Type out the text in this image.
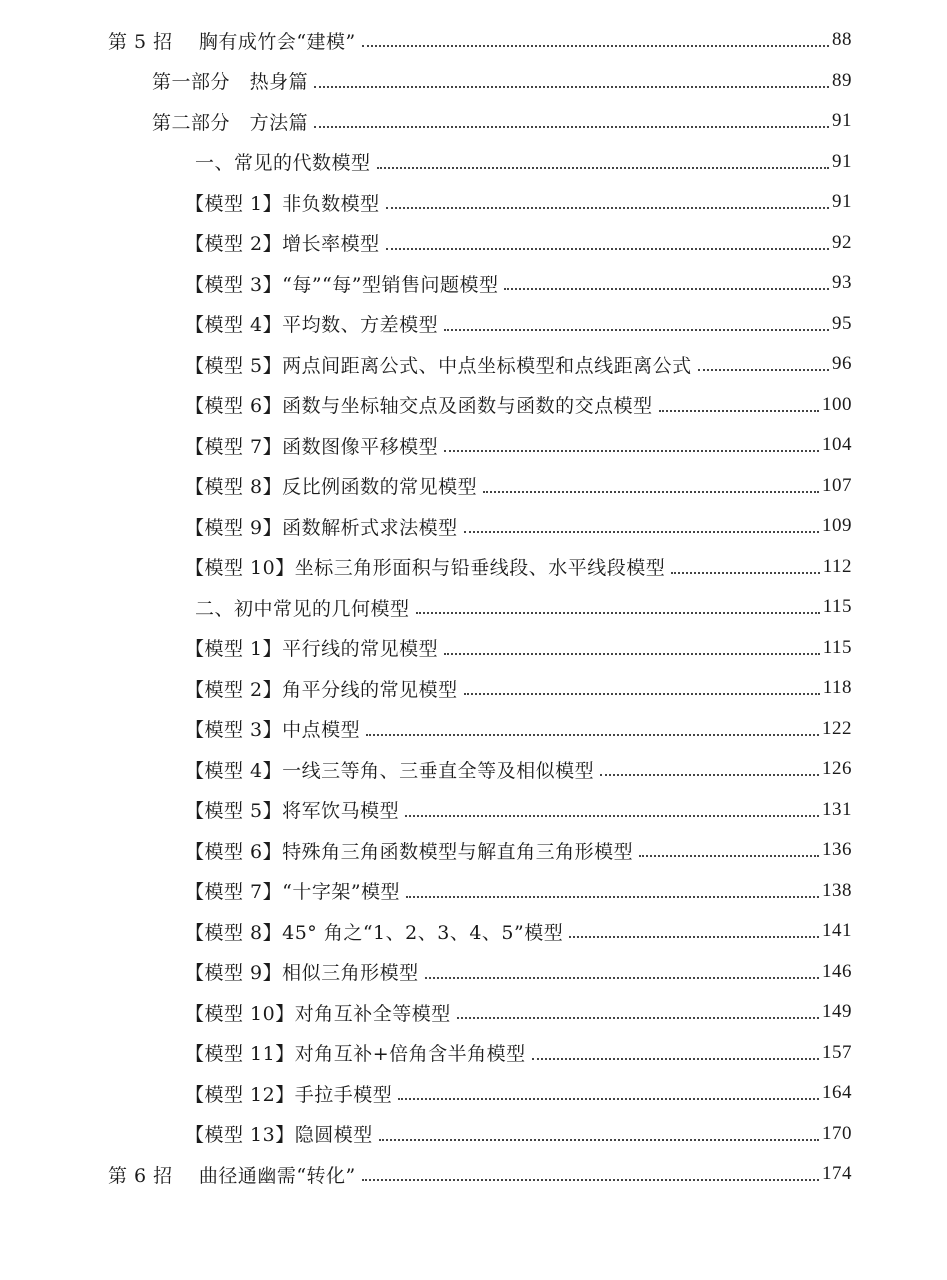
第 5 招    胸有成竹会“建模”	88
第一部分   热身篇	89
第二部分   方法篇	91
一、常见的代数模型	91
【模型 1】非负数模型	91
【模型 2】增长率模型	92
【模型 3】“每”“每”型销售问题模型	93
【模型 4】平均数、方差模型	95
【模型 5】两点间距离公式、中点坐标模型和点线距离公式	96
【模型 6】函数与坐标轴交点及函数与函数的交点模型	100
【模型 7】函数图像平移模型	104
【模型 8】反比例函数的常见模型	107
【模型 9】函数解析式求法模型	109
【模型 10】坐标三角形面积与铅垂线段、水平线段模型	112
二、初中常见的几何模型	115
【模型 1】平行线的常见模型	115
【模型 2】角平分线的常见模型	118
【模型 3】中点模型	122
【模型 4】一线三等角、三垂直全等及相似模型	126
【模型 5】将军饮马模型	131
【模型 6】特殊角三角函数模型与解直角三角形模型	136
【模型 7】“十字架”模型	138
【模型 8】45° 角之“1、2、3、4、5”模型	141
【模型 9】相似三角形模型	146
【模型 10】对角互补全等模型	149
【模型 11】对角互补+倍角含半角模型	157
【模型 12】手拉手模型	164
【模型 13】隐圆模型	170
第 6 招    曲径通幽需“转化”	174
